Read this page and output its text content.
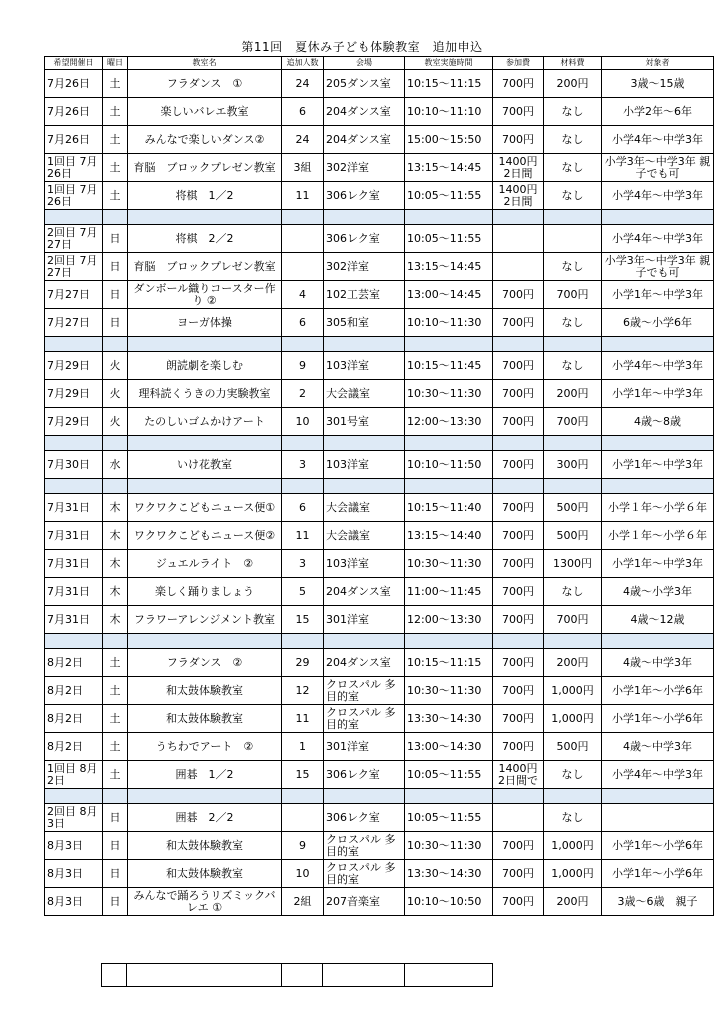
第11回　夏休み子ども体験教室　追加申込
希望開催日	曜日	教室名	追加人数	会場	教室実施時間	参加費	材料費	対象者
7月26日	土	フラダンス　①	24	205ダンス室	10:15～11:15	700円	200円	3歳～15歳
7月26日	土	楽しいバレエ教室	6	204ダンス室	10:10～11:10	700円	なし	小学2年～6年
7月26日	土	みんなで楽しいダンス②	24	204ダンス室	15:00～15:50	700円	なし	小学4年～中学3年
1回目 7月26日	土	育脳　ブロックプレゼン教室	3組	302洋室	13:15～14:45	1400円 2日間	なし	小学3年～中学3年 親子でも可
1回目 7月26日	土	将棋　1／2	11	306レク室	10:05～11:55	1400円 2日間	なし	小学4年～中学3年

2回目 7月27日	日	将棋　2／2		306レク室	10:05～11:55			小学4年～中学3年
2回目 7月27日	日	育脳　ブロックプレゼン教室		302洋室	13:15～14:45		なし	小学3年～中学3年 親子でも可
7月27日	日	ダンボール織りコースター作り ②	4	102工芸室	13:00～14:45	700円	700円	小学1年～中学3年
7月27日	日	ヨーガ体操	6	305和室	10:10～11:30	700円	なし	6歳～小学6年

7月29日	火	朗読劇を楽しむ	9	103洋室	10:15～11:45	700円	なし	小学4年～中学3年
7月29日	火	理科読くうきの力実験教室	2	大会議室	10:30～11:30	700円	200円	小学1年～中学3年
7月29日	火	たのしいゴムかけアート	10	301号室	12:00～13:30	700円	700円	4歳～8歳

7月30日	水	いけ花教室	3	103洋室	10:10～11:50	700円	300円	小学1年～中学3年

7月31日	木	ワクワクこどもニュース便①	6	大会議室	10:15～11:40	700円	500円	小学１年～小学６年
7月31日	木	ワクワクこどもニュース便②	11	大会議室	13:15～14:40	700円	500円	小学１年～小学６年
7月31日	木	ジュエルライト　②	3	103洋室	10:30～11:30	700円	1300円	小学1年～中学3年
7月31日	木	楽しく踊りましょう	5	204ダンス室	11:00～11:45	700円	なし	4歳～小学3年
7月31日	木	フラワーアレンジメント教室	15	301洋室	12:00～13:30	700円	700円	4歳～12歳

8月2日	土	フラダンス　②	29	204ダンス室	10:15～11:15	700円	200円	4歳～中学3年
8月2日	土	和太鼓体験教室	12	クロスパル 多目的室	10:30～11:30	700円	1,000円	小学1年～小学6年
8月2日	土	和太鼓体験教室	11	クロスパル 多目的室	13:30～14:30	700円	1,000円	小学1年～小学6年
8月2日	土	うちわでアート　②	1	301洋室	13:00～14:30	700円	500円	4歳～中学3年
1回目 8月2日	土	囲碁　1／2	15	306レク室	10:05～11:55	1400円 2日間で	なし	小学4年～中学3年

2回目 8月3日	日	囲碁　2／2		306レク室	10:05～11:55		なし	
8月3日	日	和太鼓体験教室	9	クロスパル 多目的室	10:30～11:30	700円	1,000円	小学1年～小学6年
8月3日	日	和太鼓体験教室	10	クロスパル 多目的室	13:30～14:30	700円	1,000円	小学1年～小学6年
8月3日	日	みんなで踊ろうリズミックバレエ ①	2組	207音楽室	10:10～10:50	700円	200円	3歳～6歳　親子
